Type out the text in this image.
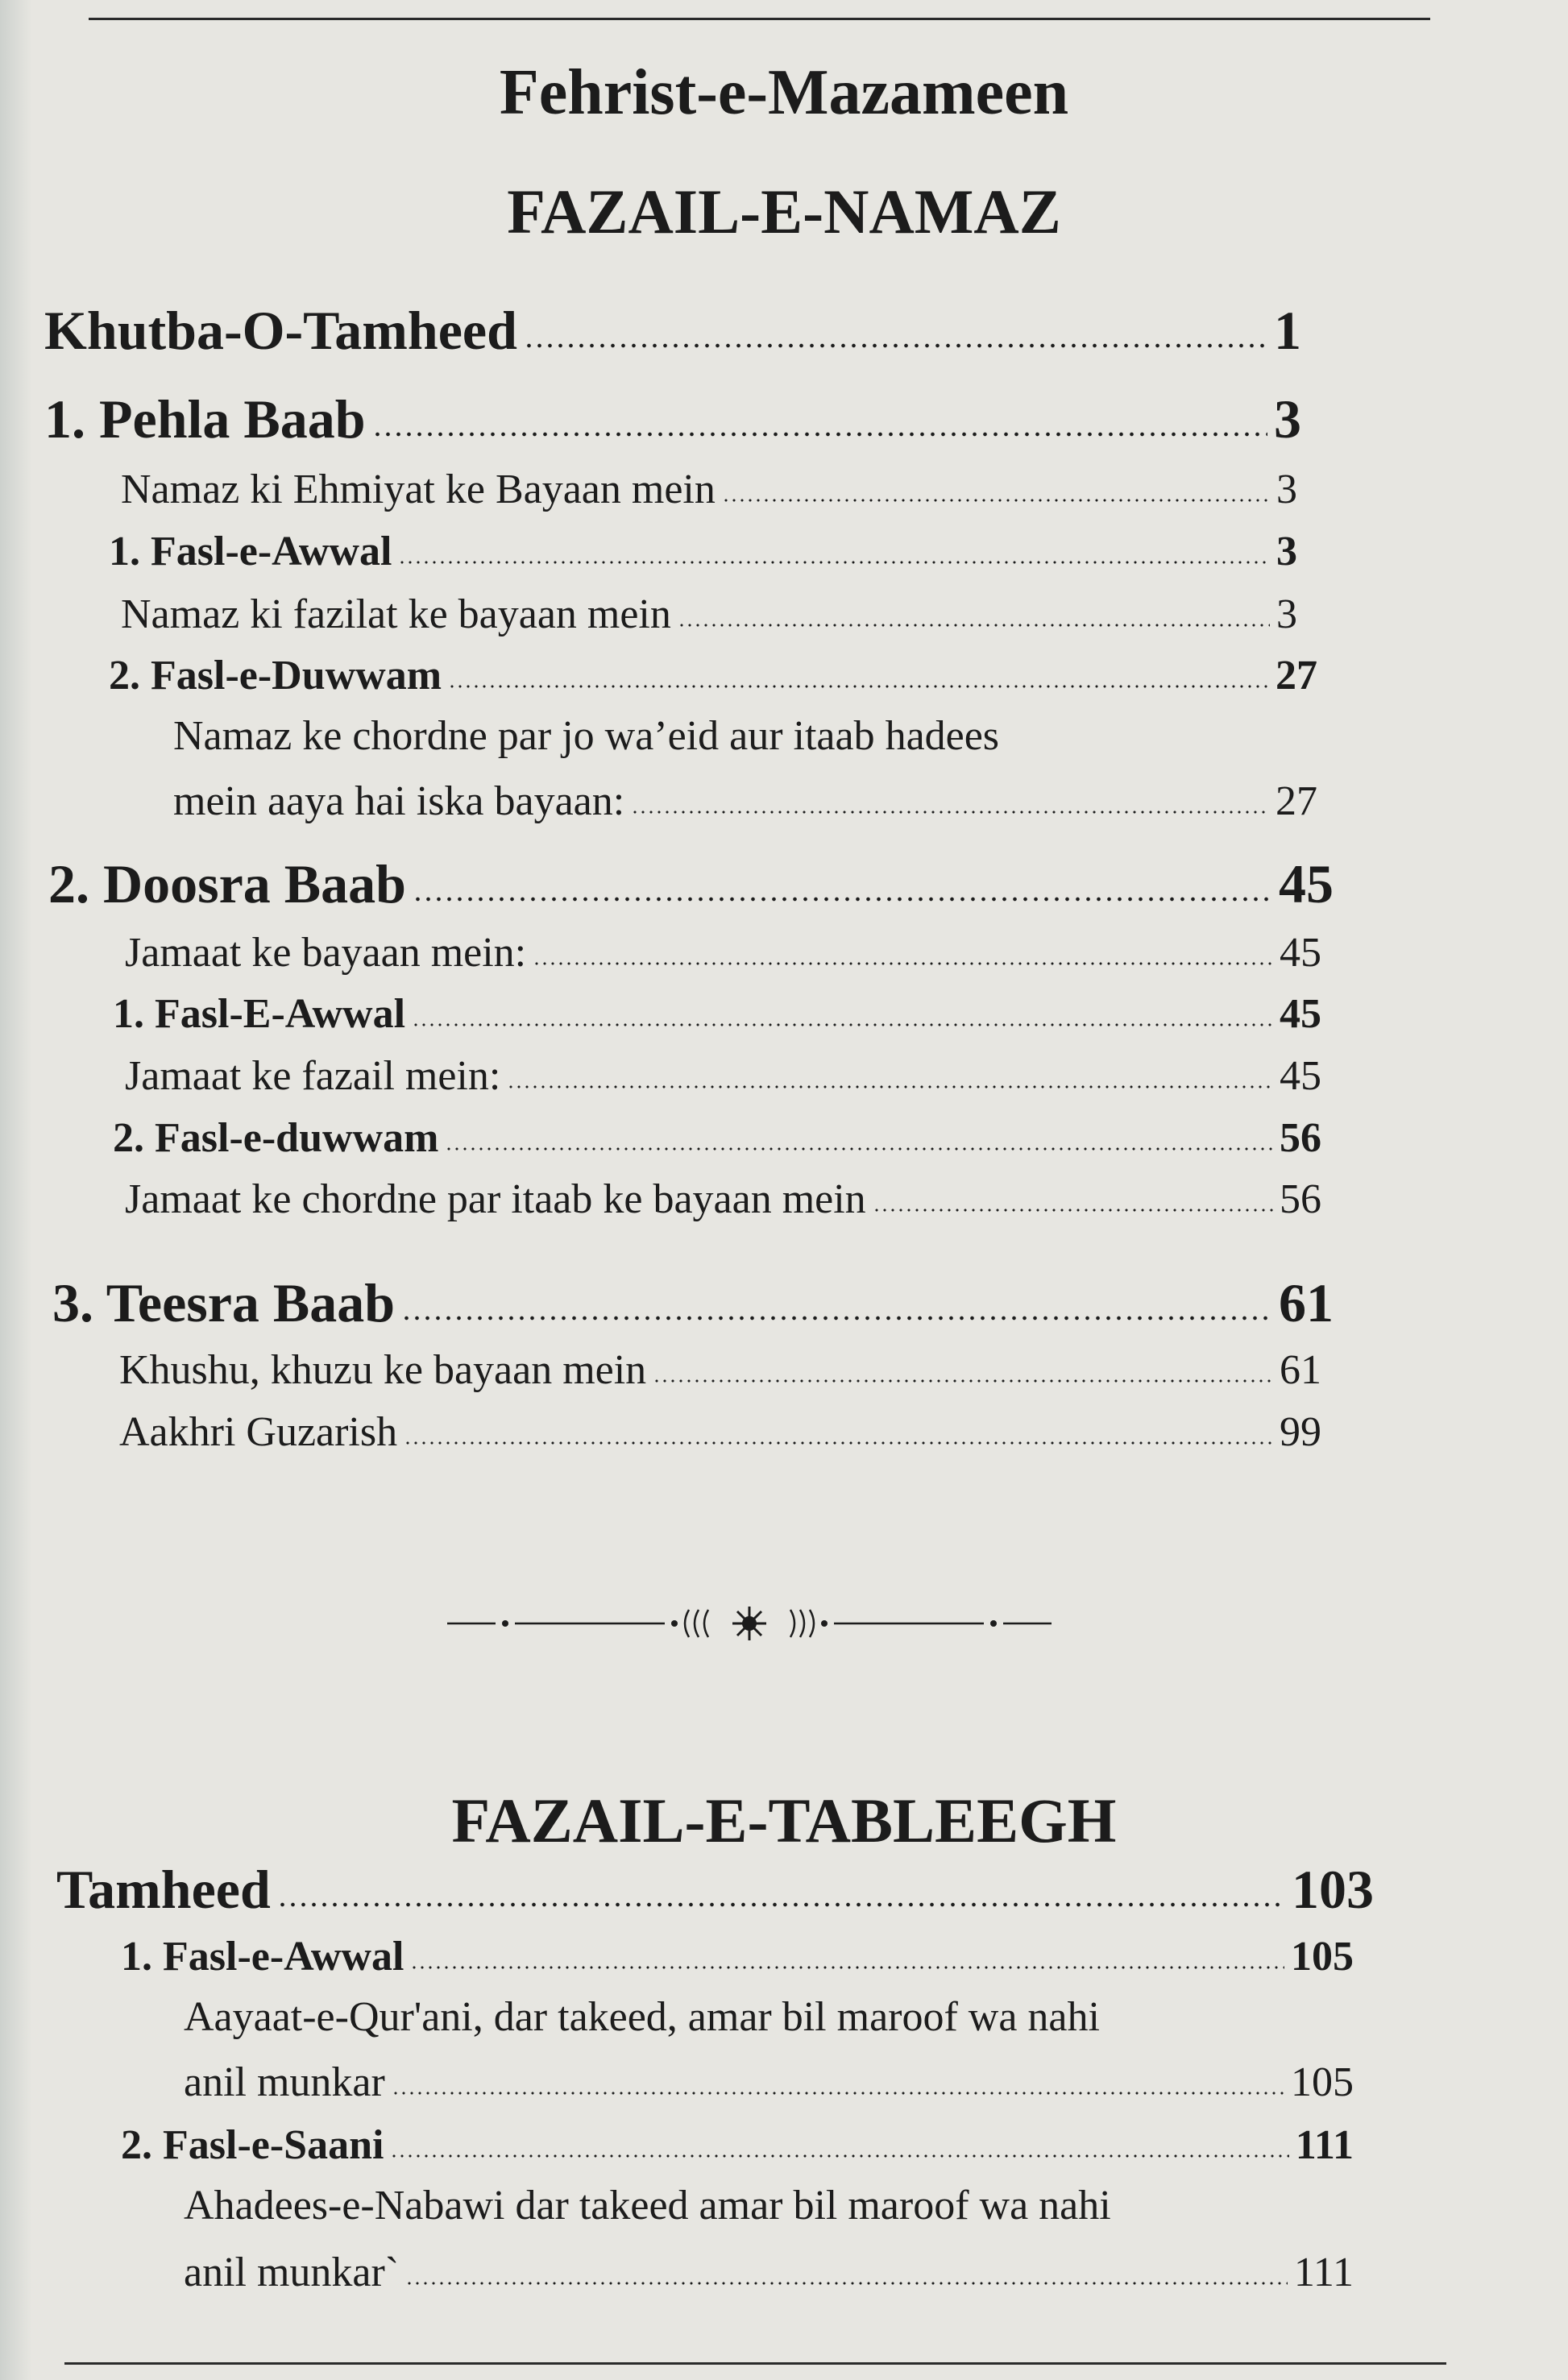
Fehrist-e-Mazameen
FAZAIL-E-NAMAZ
Khutba-O-Tamheed	1
1. Pehla Baab	3
Namaz ki Ehmiyat ke Bayaan mein	3
1. Fasl-e-Awwal	3
Namaz ki fazilat ke bayaan mein	3
2. Fasl-e-Duwwam	27
Namaz ke chordne par jo wa’eid aur itaab hadees
mein aaya hai iska bayaan:	27
2. Doosra Baab	45
Jamaat ke bayaan mein:	45
1. Fasl-E-Awwal	45
Jamaat ke fazail mein:	45
2. Fasl-e-duwwam	56
Jamaat ke chordne par itaab ke bayaan mein	56
3. Teesra Baab	61
Khushu, khuzu ke bayaan mein	61
Aakhri Guzarish	99
FAZAIL-E-TABLEEGH
Tamheed	103
1. Fasl-e-Awwal	105
Aayaat-e-Qur'ani, dar takeed, amar bil maroof wa nahi
anil munkar	105
2. Fasl-e-Saani	111
Ahadees-e-Nabawi dar takeed amar bil maroof wa nahi
anil munkar`	111
